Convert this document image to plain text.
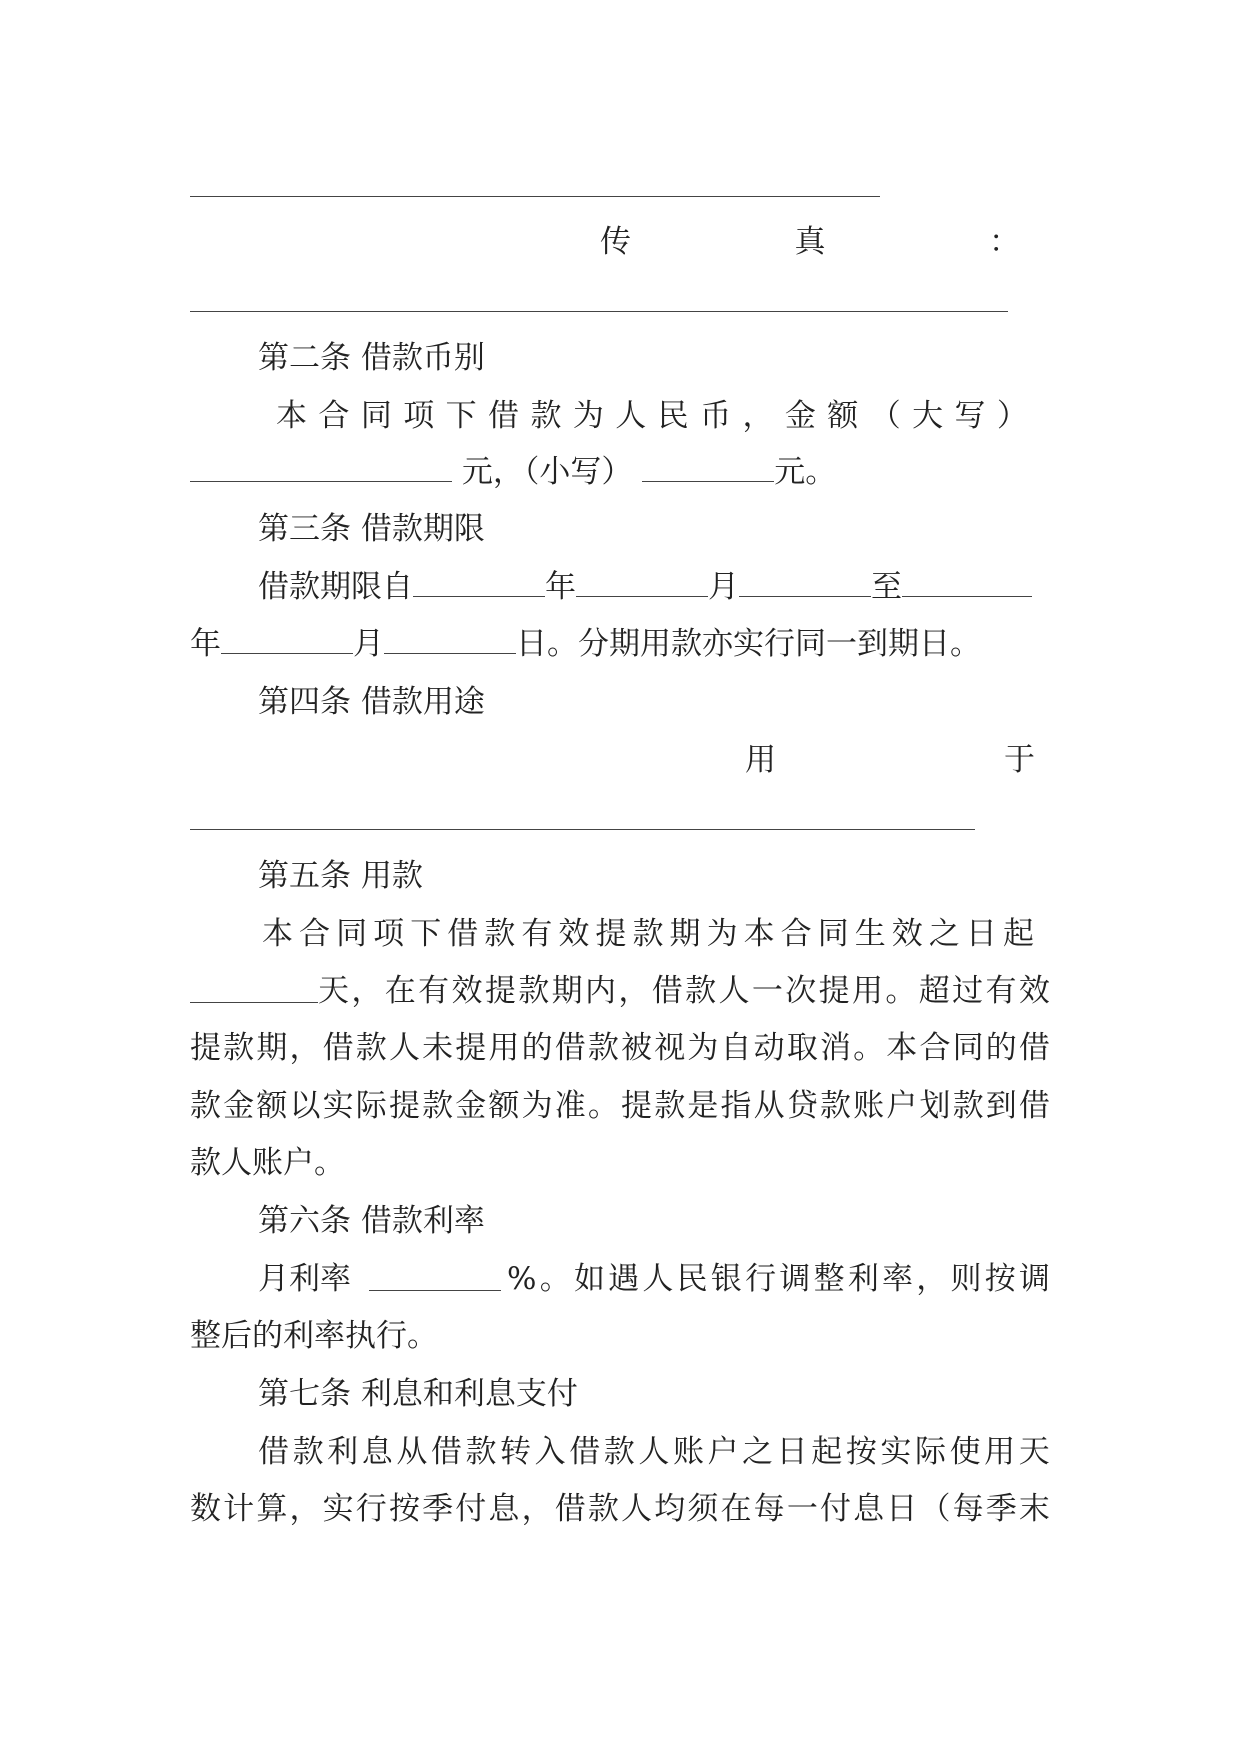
传	真	：
第二条 借款币别
本 合 同 项 下 借 款 为 人 民 币 ， 金 额 （ 大 写 ）
元，（小写）	元。
第三条 借款期限
借款期限自	年	月	至
年	月	日。分期用款亦实行同一到期日。
第四条 借款用途
用	于
第五条 用款
本 合 同 项 下 借 款 有 效 提 款 期 为 本 合 同 生 效 之 日 起
天 ， 在 有 效 提 款 期 内 ， 借 款 人 一 次 提 用 。 超 过 有 效
提 款 期 ， 借 款 人 未 提 用 的 借 款 被 视 为 自 动 取 消 。 本 合 同 的 借
款 金 额 以 实 际 提 款 金 额 为 准 。 提 款 是 指 从 贷 款 账 户 划 款 到 借
款人账户。
第六条 借款利率
月利率	% 。 如 遇 人 民 银 行 调 整 利 率 ， 则 按 调
整后的利率执行。
第七条 利息和利息支付
借 款 利 息 从 借 款 转 入 借 款 人 账 户 之 日 起 按 实 际 使 用 天
数 计 算 ， 实 行 按 季 付 息 ， 借 款 人 均 须 在 每 一 付 息 日 （ 每 季 末
